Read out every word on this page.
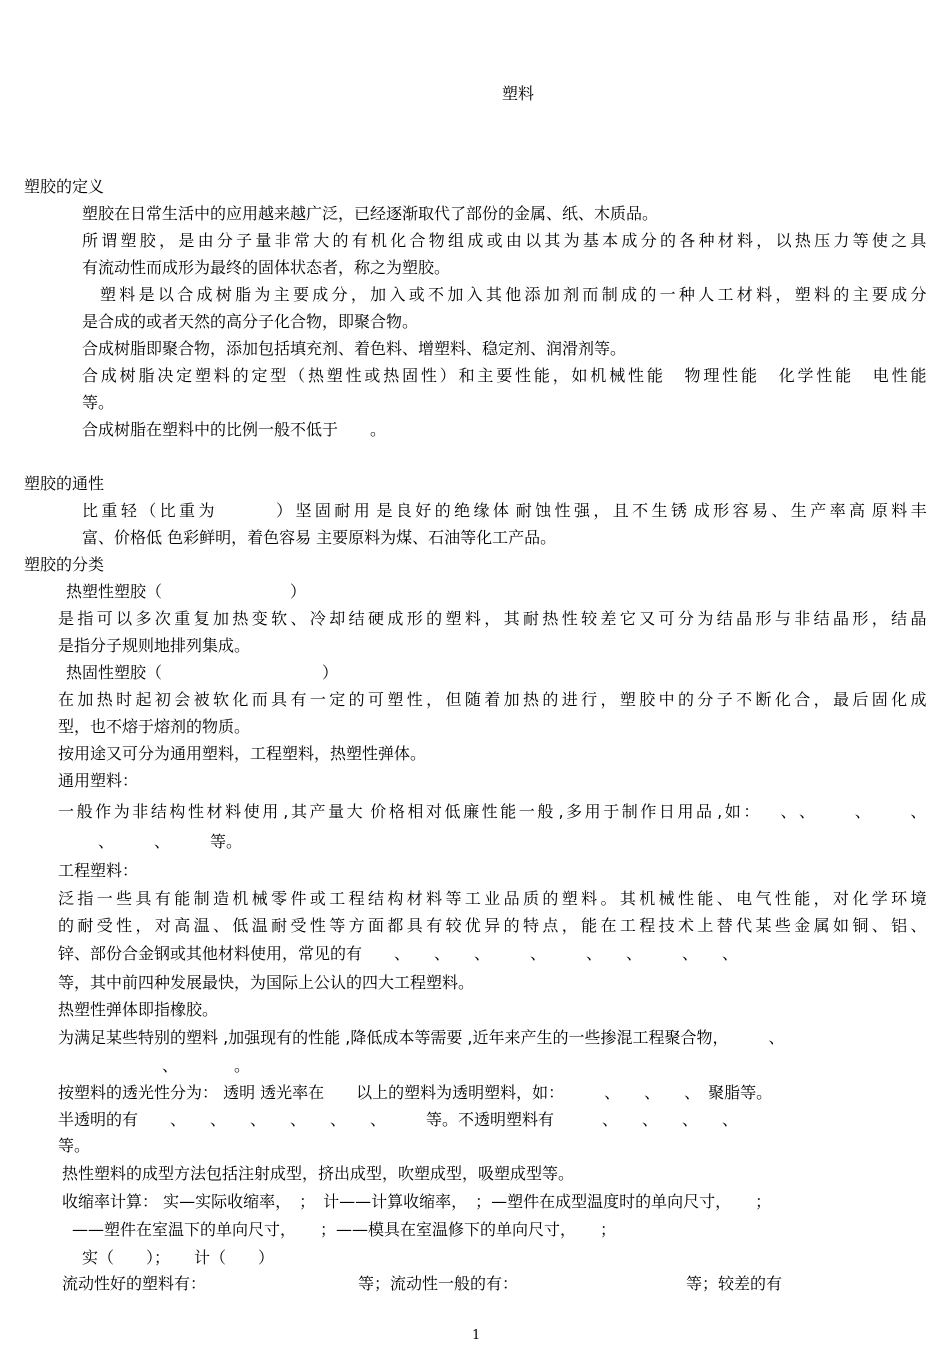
塑料

塑胶的定义

塑胶在日常生活中的应用越来越广泛，已经逐渐取代了部份的金属、纸、木质品。

所 谓 塑 胶 ， 是 由 分 子 量 非 常 大 的 有 机 化 合 物 组 成 或 由 以 其 为 基 本 成 分 的 各 种 材 料 ， 以 热 压 力 等 使 之 具

有流动性而成形为最终的固体状态者，称之为塑胶。

塑 料 是 以 合 成 树 脂 为 主 要 成 分 ， 加 入 或 不 加 入 其 他 添 加 剂 而 制 成 的 一 种 人 工 材 料 ， 塑 料 的 主 要 成 分

是合成的或者天然的高分子化合物，即聚合物。

合成树脂即聚合物，添加包括填充剂、着色料、增塑料、稳定剂、润滑剂等。

合 成 树 脂 决 定 塑 料 的 定 型 （ 热 塑 性 或 热 固 性 ） 和 主 要 性 能 ， 如 机 械 性 能
　 物 理 性 能
　 化 学 性 能
　 电 性 能

等。

合成树脂在塑料中的比例一般不低于　　。

塑胶的通性

比 重 轻 （ 比 重 为

　	） 坚 固 耐 用 是 良 好 的 绝 缘 体 耐 蚀 性 强 ， 且 不 生 锈 成 形 容 易 、 生 产 率 高 原 料 丰

富、价格低 色彩鲜明，着色容易 主要原料为煤、石油等化工产品。

塑胶的分类

热塑性塑胶（　　　　　　　　）

是 指 可 以 多 次 重 复 加 热 变 软 、 冷 却 结 硬 成 形 的 塑 料 ， 其 耐 热 性 较 差 它 又 可 分 为 结 晶 形 与 非 结 晶 形 ， 结 晶

是指分子规则地排列集成。

热固性塑胶（　　　　　　　　　　）

在 加 热 时 起 初 会 被 软 化 而 具 有 一 定 的 可 塑 性 ， 但 随 着 加 热 的 进 行 ， 塑 胶 中 的 分 子 不 断 化 合 ， 最 后 固 化 成

型，也不熔于熔剂的物质。

按用途又可分为通用塑料，工程塑料，热塑性弹体。

通用塑料：

一 般 作 为 非 结 构 性 材 料 使 用 , 其 产 量 大 价 格 相 对 低 廉 性 能 一 般 , 多 用 于 制 作 日 用 品 , 如 ：
　 、 、

　 、

　 、

　、　　　、　　　等。

工程塑料：

泛 指 一 些 具 有 能 制 造 机 械 零 件 或 工 程 结 构 材 料 等 工 业 品 质 的 塑 料 。 其 机 械 性 能 、 电 气 性 能 ， 对 化 学 环 境

的 耐 受 性 ， 对 高 温 、 低 温 耐 受 性 等 方 面 都 具 有 较 优 异 的 特 点 ， 能 在 工 程 技 术 上 替 代 某 些 金 属 如 铜 、 铝 、

锌、部份合金钢或其他材料使用，常见的有　　、　　、　　、　　　、　　　、　　、　　　、　　、

等，其中前四种发展最快，为国际上公认的四大工程塑料。

热塑性弹体即指橡胶。

为满足某些特别的塑料 ,加强现有的性能 ,降低成本等需要 ,近年来产生的一些掺混工程聚合物，　　　、

　　　　　、　　　　。

按塑料的透光性分为： 透明 透光率在　　以上的塑料为透明塑料，如：　　　、　　、　　、　聚脂等。

半透明的有　　、　　、　　、　　、　　、　　、　　　等。不透明塑料有　　　、　　、　　、　　、

等。

热性塑料的成型方法包括注射成型，挤出成型，吹塑成型，吸塑成型等。

收缩率计算： 实—实际收缩率，　；　计——计算收缩率，　；—塑件在成型温度时的单向尺寸，　　；

——塑件在室温下的单向尺寸，　　；——模具在室温修下的单向尺寸，　　；

实（　　）；　　计（　　）

流动性好的塑料有：　　　　　　　　　　等；流动性一般的有：　　　　　　　　　　　等；较差的有

1
